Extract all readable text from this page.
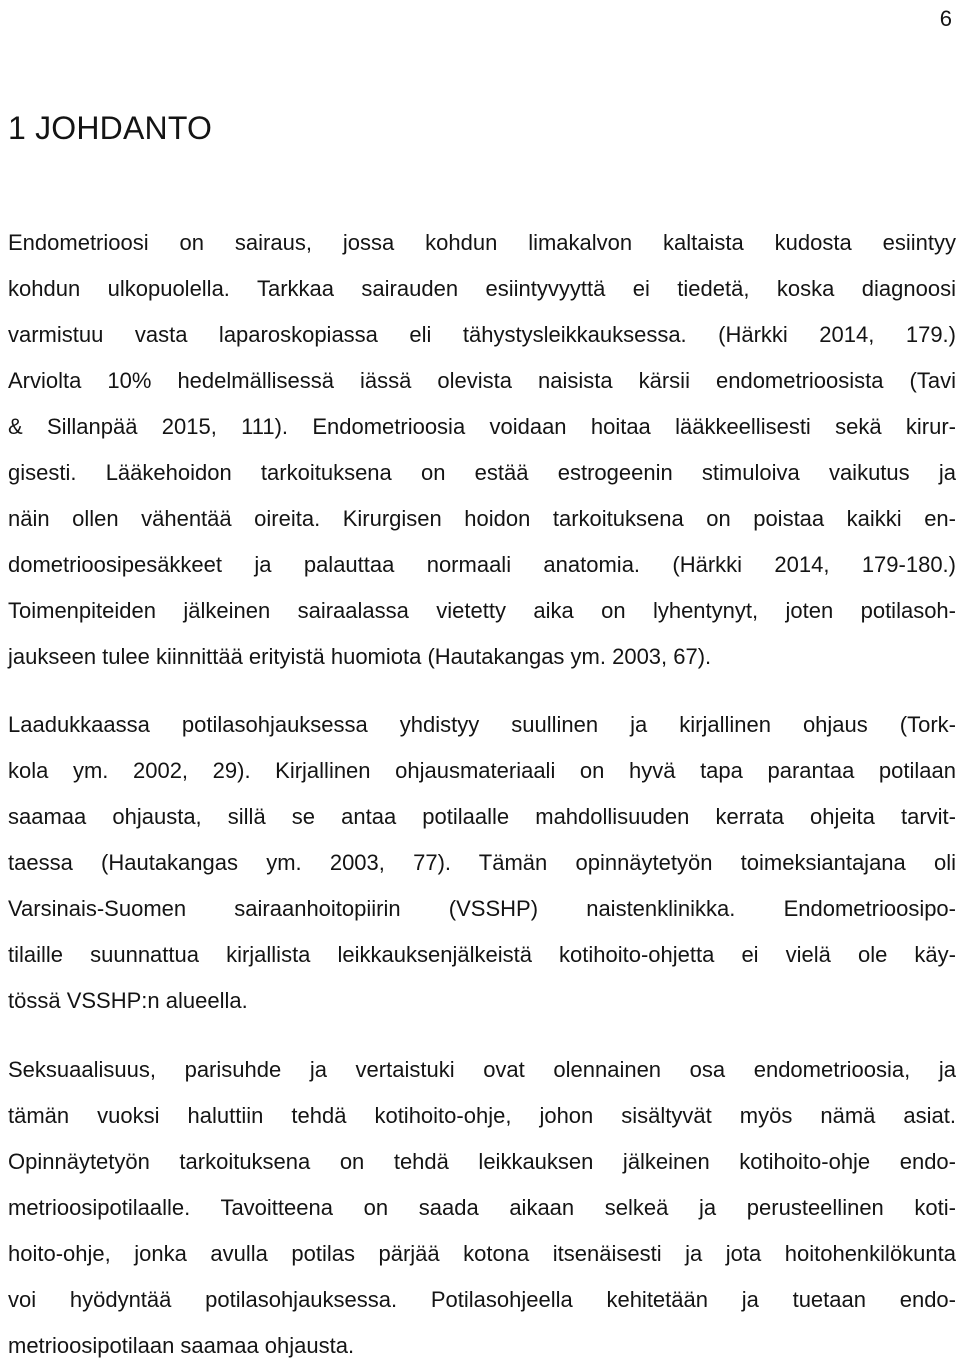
6
1 JOHDANTO
Endometrioosi on sairaus, jossa kohdun limakalvon kaltaista kudosta esiintyy
kohdun ulkopuolella. Tarkkaa sairauden esiintyvyyttä ei tiedetä, koska diagnoosi
varmistuu vasta laparoskopiassa eli tähystysleikkauksessa. (Härkki 2014, 179.)
Arviolta 10% hedelmällisessä iässä olevista naisista kärsii endometrioosista (Tavi
& Sillanpää 2015, 111). Endometrioosia voidaan hoitaa lääkkeellisesti sekä kirur-
gisesti. Lääkehoidon tarkoituksena on estää estrogeenin stimuloiva vaikutus ja
näin ollen vähentää oireita. Kirurgisen hoidon tarkoituksena on poistaa kaikki en-
dometrioosipesäkkeet ja palauttaa normaali anatomia. (Härkki 2014, 179-180.)
Toimenpiteiden jälkeinen sairaalassa vietetty aika on lyhentynyt, joten potilasoh-
jaukseen tulee kiinnittää erityistä huomiota (Hautakangas ym. 2003, 67).
Laadukkaassa potilasohjauksessa yhdistyy suullinen ja kirjallinen ohjaus (Tork-
kola ym. 2002, 29). Kirjallinen ohjausmateriaali on hyvä tapa parantaa potilaan
saamaa ohjausta, sillä se antaa potilaalle mahdollisuuden kerrata ohjeita tarvit-
taessa (Hautakangas ym. 2003, 77). Tämän opinnäytetyön toimeksiantajana oli
Varsinais-Suomen sairaanhoitopiirin (VSSHP) naistenklinikka. Endometrioosipo-
tilaille suunnattua kirjallista leikkauksenjälkeistä kotihoito-ohjetta ei vielä ole käy-
tössä VSSHP:n alueella.
Seksuaalisuus, parisuhde ja vertaistuki ovat olennainen osa endometrioosia, ja
tämän vuoksi haluttiin tehdä kotihoito-ohje, johon sisältyvät myös nämä asiat.
Opinnäytetyön tarkoituksena on tehdä leikkauksen jälkeinen kotihoito-ohje endo-
metrioosipotilaalle. Tavoitteena on saada aikaan selkeä ja perusteellinen koti-
hoito-ohje, jonka avulla potilas pärjää kotona itsenäisesti ja jota hoitohenkilökunta
voi hyödyntää potilasohjauksessa. Potilasohjeella kehitetään ja tuetaan endo-
metrioosipotilaan saamaa ohjausta.
